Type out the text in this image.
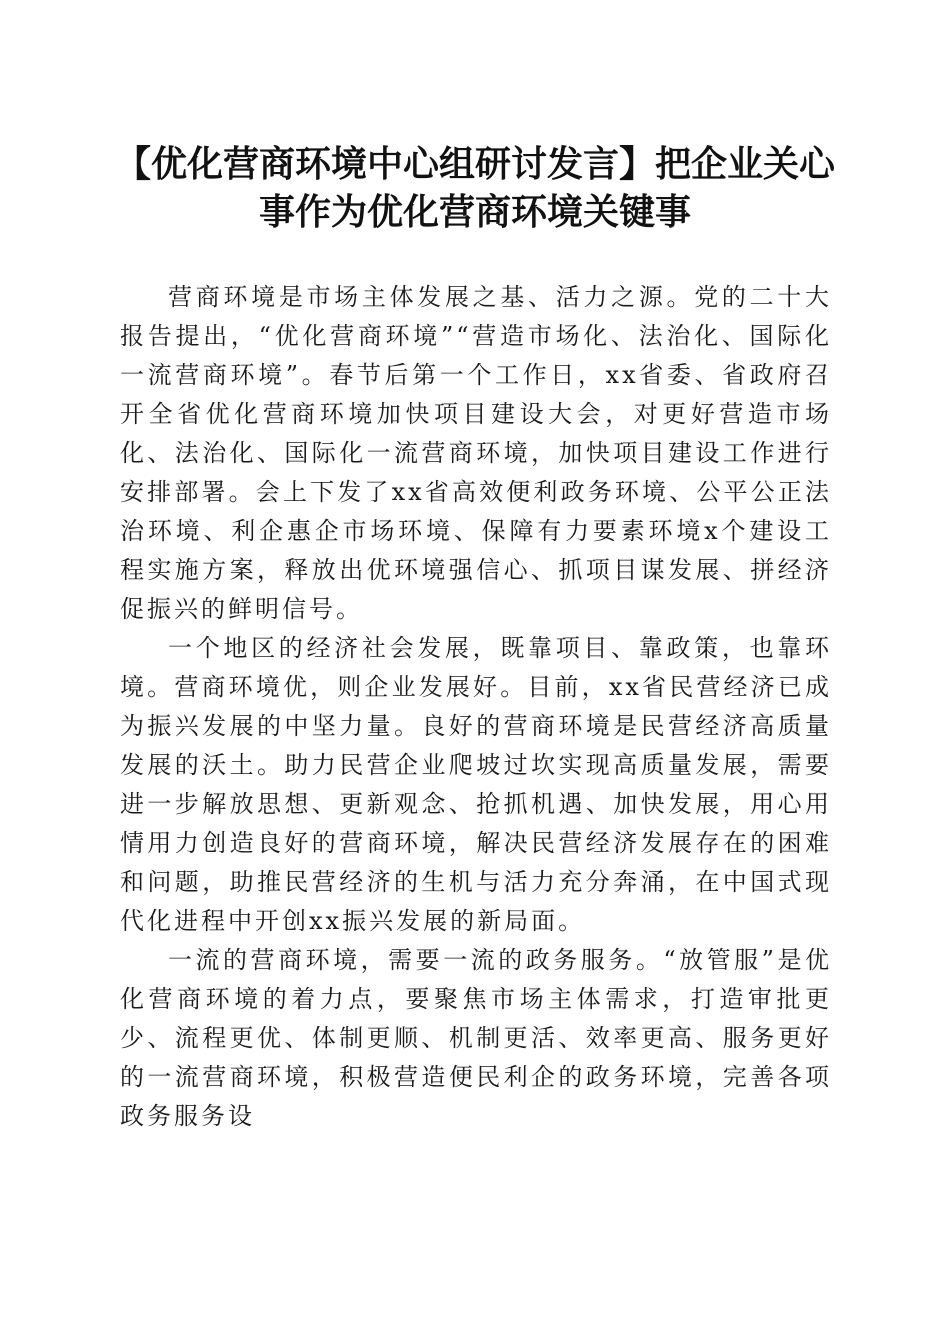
【优化营商环境中心组研讨发言】把企业关心事作为优化营商环境关键事

营商环境是市场主体发展之基、活力之源。党的二十大报告提出，“优化营商环境”“营造市场化、法治化、国际化一流营商环境”。春节后第一个工作日，xx省委、省政府召开全省优化营商环境加快项目建设大会，对更好营造市场化、法治化、国际化一流营商环境，加快项目建设工作进行安排部署。会上下发了xx省高效便利政务环境、公平公正法治环境、利企惠企市场环境、保障有力要素环境x个建设工程实施方案，释放出优环境强信心、抓项目谋发展、拼经济促振兴的鲜明信号。

一个地区的经济社会发展，既靠项目、靠政策，也靠环境。营商环境优，则企业发展好。目前，xx省民营经济已成为振兴发展的中坚力量。良好的营商环境是民营经济高质量发展的沃土。助力民营企业爬坡过坎实现高质量发展，需要进一步解放思想、更新观念、抢抓机遇、加快发展，用心用情用力创造良好的营商环境，解决民营经济发展存在的困难和问题，助推民营经济的生机与活力充分奔涌，在中国式现代化进程中开创xx振兴发展的新局面。

一流的营商环境，需要一流的政务服务。“放管服”是优化营商环境的着力点，要聚焦市场主体需求，打造审批更少、流程更优、体制更顺、机制更活、效率更高、服务更好的一流营商环境，积极营造便民利企的政务环境，完善各项政务服务设
